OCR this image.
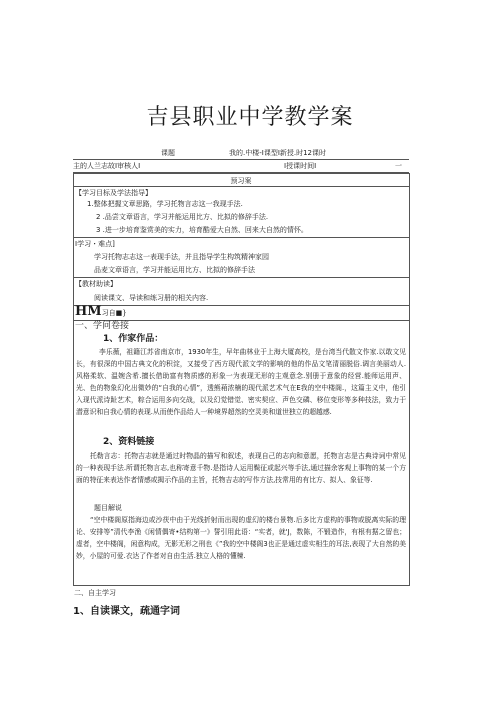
吉县职业中学教学案
课题	我的.中楼-I课型I新授.时12课时
主的人兰志故I审核人I	I授课时间I	一
预习案
【学习目标及学法指导】
1.整体把握文章思路，学习托物言志这一我现手法.
2 .品尝文章语言，学习并能运用比方、比拟的修辞手法.
3 .进一步培育鉴赏美的实力，培育酷爱大自然、回来大自然的情怀。
I学习・难点]
学习托物志志这一表现手法，并且指导学生构筑精神家园
品麦文章语言，学习并能运用比方、比拟的修辞手法
【教材助读】
阅读课文、导读和练习册的相关内容.
HM习自■}
一、学问卷接
1、作家作品：
李乐薇，祖籍江苏省南京市，1930年生，早年曲林业于上海大厦高校，是台湾当代散文作家.以敢文见长，有很深的中国古典文化的积淀，又接受了西方现代派文学的影响的他的作品文笔清丽脱俗.调言美丽动人.风格柔软、温婉含希.擅长借助富有物质感的形象一为表现无形的主观意念.别册于意象的经营.能师运用声、光、色的物象幻化出微妙的“自我的心情”，透熊葙浓楠的现代派艺术气在E我的空中楼阁.，这篇主义中，他引入现代派诗趾艺术，粽合运用多向交战，以及幻觉错觉、密实契应、声色交磷、移位变形等多种技法，致力于潜意识和自我心情的表现.从而使作品给人一种境界超然的空灵美和道世独立的超越感.
2、资料链接
托勒言志：托物吉志就是通过时物晶的描写和叙述，表现自己的志向和意愿，托物言志是古典诗词中常见的一种表现手法.所谓托物言志,也称寄意千物.是指诗人运用鬓征或起兴等手法,通过描余客观上事物的某一个方面的特征来表达作者情感或揭示作品的主旨，托物吉志的写作方法,技常用的有比方、拟人、象征等.
题目解说
“空中楼阁原指海边或沙茯中由于光线折射而出现的虚幻的楼台景物.后多比方虚构的事物或脱离实际的理论、安排等”清代李渔《闲情偶寄•结构第一》誓引用此语：“实者，就'J，数陈，不锻造作，有根有据之留也；虚者，空中楼阁，闲意构成，无影无形之刑也《”我的空中楼阁3也正是通过虚实相生的耳法,表现了大自然的美妙，小屋的可爱.衣达了作者对自由生活.独立人格的懂楝.
二、自主学习
1、自读课文，疏通字词
